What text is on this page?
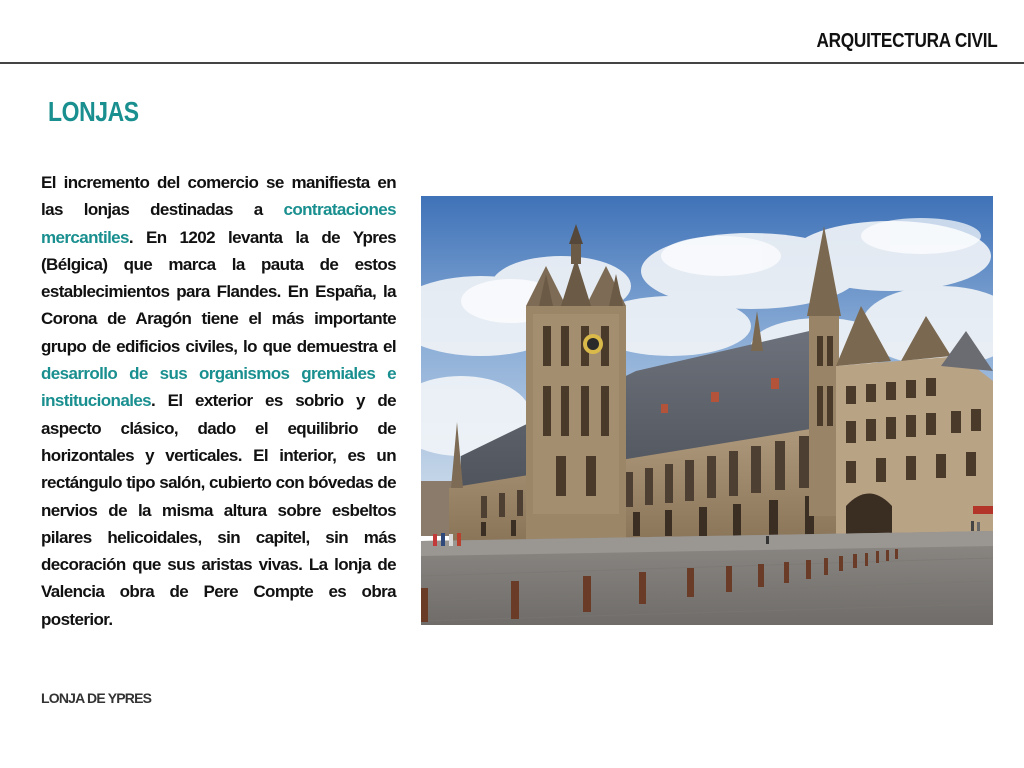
ARQUITECTURA CIVIL
LONJAS
El incremento del comercio se manifiesta en las lonjas destinadas a contrataciones mercantiles. En 1202 levanta la de Ypres (Bélgica) que marca la pauta de estos establecimientos para Flandes. En España, la Corona de Aragón tiene el más importante grupo de edificios civiles, lo que demuestra el desarrollo de sus organismos gremiales e institucionales. El exterior es sobrio y de aspecto clásico, dado el equilibrio de horizontales y verticales. El interior, es un rectángulo tipo salón, cubierto con bóvedas de nervios de la misma altura sobre esbeltos pilares helicoidales, sin capitel, sin más decoración que sus aristas vivas. La lonja de Valencia obra de Pere Compte es obra posterior.
LONJA DE YPRES
